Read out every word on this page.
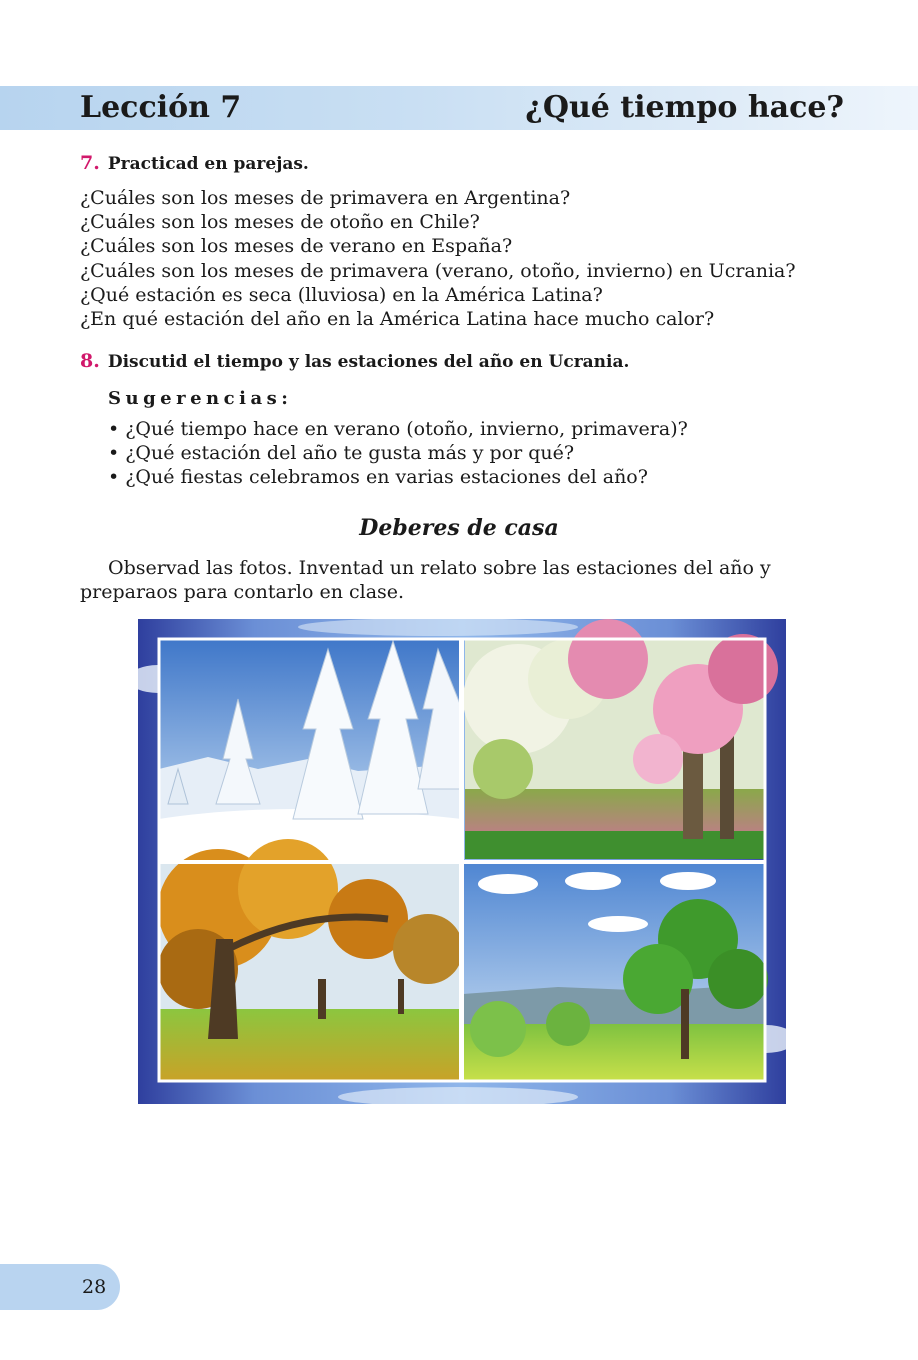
Lección 7	¿Qué tiempo hace?
7. Practicad en parejas.
¿Cuáles son los meses de primavera en Argentina?
¿Cuáles son los meses de otoño en Chile?
¿Cuáles son los meses de verano en España?
¿Cuáles son los meses de primavera (verano, otoño, invierno) en Ucrania?
¿Qué estación es seca (lluviosa) en la América Latina?
¿En qué estación del año en la América Latina hace mucho calor?
8. Discutid el tiempo y las estaciones del año en Ucrania.
Sugerencias:
• ¿Qué tiempo hace en verano (otoño, invierno, primavera)?
• ¿Qué estación del año te gusta más y por qué?
• ¿Qué fiestas celebramos en varias estaciones del año?
Deberes de casa
Observad las fotos. Inventad un relato sobre las estaciones del año y preparaos para contarlo en clase.
28
